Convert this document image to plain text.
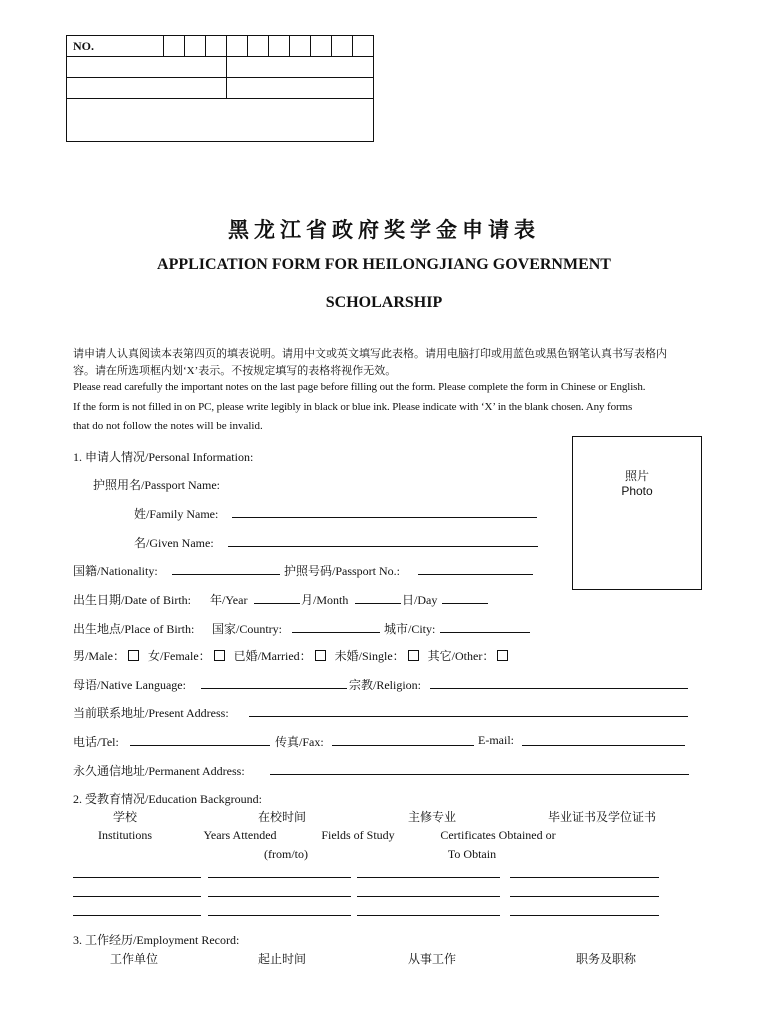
NO.										

黑龙江省政府奖学金申请表
APPLICATION FORM FOR HEILONGJIANG GOVERNMENT
SCHOLARSHIP
请申请人认真阅读本表第四页的填表说明。请用中文或英文填写此表格。请用电脑打印或用蓝色或黑色钢笔认真书写表格内
容。请在所选项框内划‘X’表示。不按规定填写的表格将视作无效。
Please read carefully the important notes on the last page before filling out the form. Please complete the form in Chinese or English.
If the form is not filled in on PC, please write legibly in black or blue ink. Please indicate with ‘X’ in the blank chosen. Any forms
that do not follow the notes will be invalid.
照片
Photo
1. 申请人情况/Personal Information:
护照用名/Passport Name:
姓/Family Name:
名/Given Name:
国籍/Nationality:	护照号码/Passport No.:
出生日期/Date of Birth: 年/Year	月/Month	日/Day
出生地点/Place of Birth: 国家/Country:	城市/City:
男/Male： 女/Female： 已婚/Married： 未婚/Single： 其它/Other：
母语/Native Language:	宗教/Religion:
当前联系地址/Present Address:
电话/Tel:	传真/Fax:	E-mail:
永久通信地址/Permanent Address:
2. 受教育情况/Education Background:
学校	在校时间	主修专业	毕业证书及学位证书
Institutions	Years Attended	Fields of Study	Certificates Obtained or
(from/to)	To Obtain
3. 工作经历/Employment Record:
工作单位	起止时间	从事工作	职务及职称
